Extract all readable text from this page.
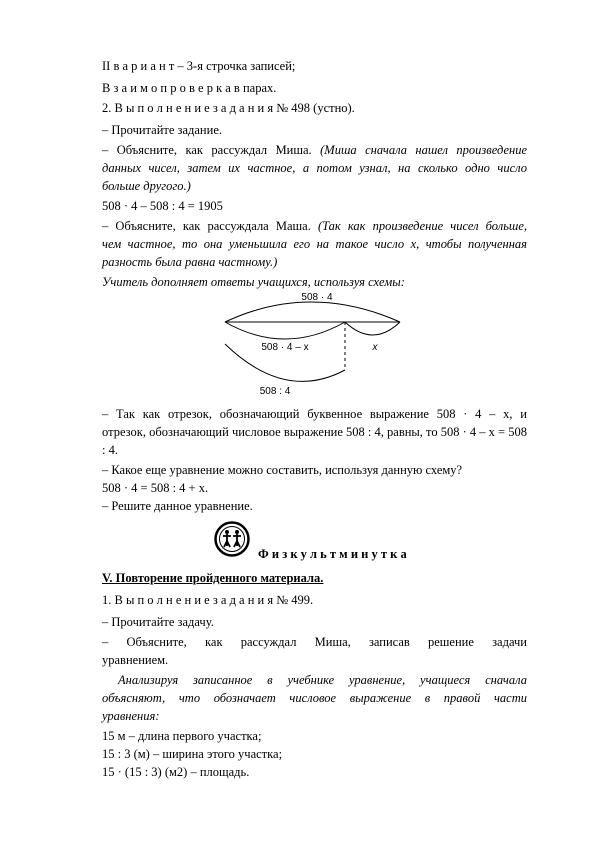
II в а р и а н т – 3-я строчка записей;
В з а и м о п р о в е р к а в парах.
2. В ы п о л н е н и е з а д а н и я № 498 (устно).
– Прочитайте задание.
– Объясните, как рассуждал Миша. (Миша сначала нашел произведение
данных чисел, затем их частное, а потом узнал, на сколько одно число
больше другого.)
508 · 4 – 508 : 4 = 1905
– Объясните, как рассуждала Маша. (Так как произведение чисел больше,
чем частное, то она уменьшила его на такое число x, чтобы полученная
разность была равна частному.)
Учитель дополняет ответы учащихся, используя схемы:
508 · 4
508 · 4 – x	x
508 : 4
– Так как отрезок, обозначающий буквенное выражение 508 · 4 – x, и
отрезок, обозначающий числовое выражение 508 : 4, равны, то 508 · 4 – x = 508
: 4.
– Какое еще уравнение можно составить, используя данную схему?
508 · 4 = 508 : 4 + x.
– Решите данное уравнение.
Ф и з к у л ь т м и н у т к а
V. Повторение пройденного материала.
1. В ы п о л н е н и е з а д а н и я № 499.
– Прочитайте задачу.
– Объясните, как рассуждал Миша, записав решение задачи
уравнением.
Анализируя записанное в учебнике уравнение, учащиеся сначала
объясняют, что обозначает числовое выражение в правой части
уравнения:
15 м – длина первого участка;
15 : 3 (м) – ширина этого участка;
15 · (15 : 3) (м2) – площадь.
